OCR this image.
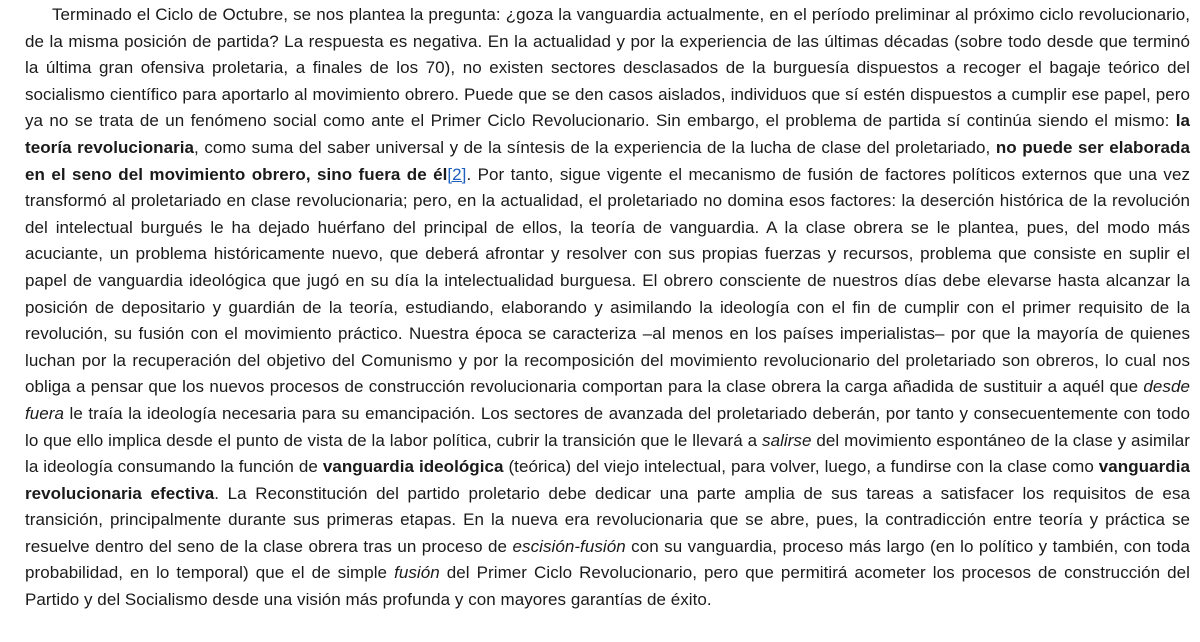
Terminado el Ciclo de Octubre, se nos plantea la pregunta: ¿goza la vanguardia actualmente, en el período preliminar al próximo ciclo revolucionario, de la misma posición de partida? La respuesta es negativa. En la actualidad y por la experiencia de las últimas décadas (sobre todo desde que terminó la última gran ofensiva proletaria, a finales de los 70), no existen sectores desclasados de la burguesía dispuestos a recoger el bagaje teórico del socialismo científico para aportarlo al movimiento obrero. Puede que se den casos aislados, individuos que sí estén dispuestos a cumplir ese papel, pero ya no se trata de un fenómeno social como ante el Primer Ciclo Revolucionario. Sin embargo, el problema de partida sí continúa siendo el mismo: la teoría revolucionaria, como suma del saber universal y de la síntesis de la experiencia de la lucha de clase del proletariado, no puede ser elaborada en el seno del movimiento obrero, sino fuera de él[2]. Por tanto, sigue vigente el mecanismo de fusión de factores políticos externos que una vez transformó al proletariado en clase revolucionaria; pero, en la actualidad, el proletariado no domina esos factores: la deserción histórica de la revolución del intelectual burgués le ha dejado huérfano del principal de ellos, la teoría de vanguardia. A la clase obrera se le plantea, pues, del modo más acuciante, un problema históricamente nuevo, que deberá afrontar y resolver con sus propias fuerzas y recursos, problema que consiste en suplir el papel de vanguardia ideológica que jugó en su día la intelectualidad burguesa. El obrero consciente de nuestros días debe elevarse hasta alcanzar la posición de depositario y guardián de la teoría, estudiando, elaborando y asimilando la ideología con el fin de cumplir con el primer requisito de la revolución, su fusión con el movimiento práctico. Nuestra época se caracteriza –al menos en los países imperialistas– por que la mayoría de quienes luchan por la recuperación del objetivo del Comunismo y por la recomposición del movimiento revolucionario del proletariado son obreros, lo cual nos obliga a pensar que los nuevos procesos de construcción revolucionaria comportan para la clase obrera la carga añadida de sustituir a aquél que desde fuera le traía la ideología necesaria para su emancipación. Los sectores de avanzada del proletariado deberán, por tanto y consecuentemente con todo lo que ello implica desde el punto de vista de la labor política, cubrir la transición que le llevará a salirse del movimiento espontáneo de la clase y asimilar la ideología consumando la función de vanguardia ideológica (teórica) del viejo intelectual, para volver, luego, a fundirse con la clase como vanguardia revolucionaria efectiva. La Reconstitución del partido proletario debe dedicar una parte amplia de sus tareas a satisfacer los requisitos de esa transición, principalmente durante sus primeras etapas. En la nueva era revolucionaria que se abre, pues, la contradicción entre teoría y práctica se resuelve dentro del seno de la clase obrera tras un proceso de escisión-fusión con su vanguardia, proceso más largo (en lo político y también, con toda probabilidad, en lo temporal) que el de simple fusión del Primer Ciclo Revolucionario, pero que permitirá acometer los procesos de construcción del Partido y del Socialismo desde una visión más profunda y con mayores garantías de éxito.
